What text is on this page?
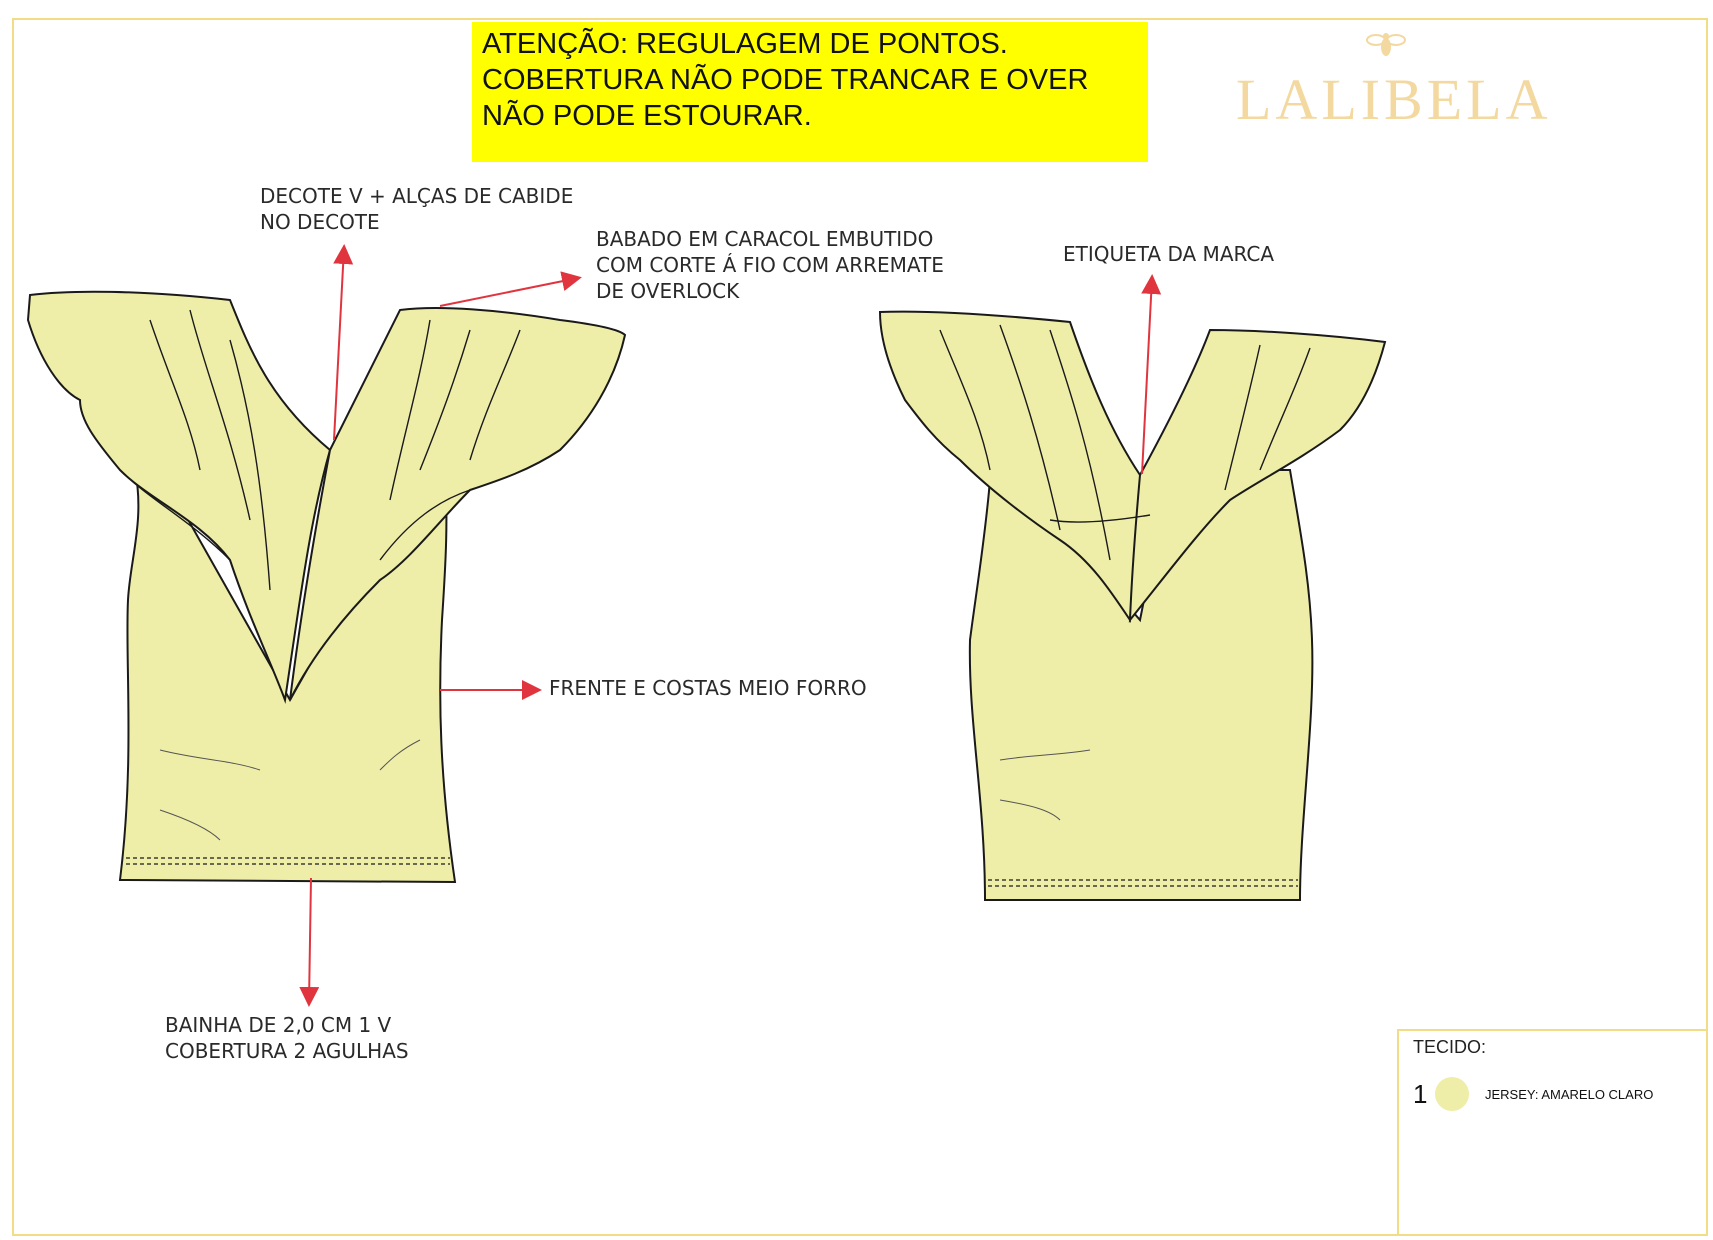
ATENÇÃO: REGULAGEM DE PONTOS.
COBERTURA NÃO PODE TRANCAR E OVER
NÃO PODE ESTOURAR.	LALIBELA
DECOTE V + ALÇAS DE CABIDE
NO DECOTE
BABADO EM CARACOL EMBUTIDO
COM CORTE Á FIO COM ARREMATE
DE OVERLOCK
FRENTE E COSTAS MEIO FORRO
BAINHA DE 2,0 CM 1 V
COBERTURA 2 AGULHAS
ETIQUETA DA MARCA
TECIDO:
1	JERSEY: AMARELO CLARO
